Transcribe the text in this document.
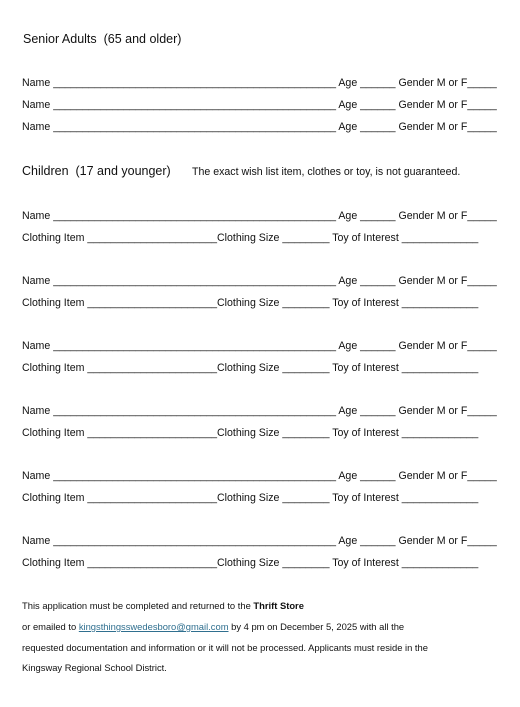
Senior Adults  (65 and older)
Name ________________________________________________ Age ______ Gender M or F_____
Name ________________________________________________ Age ______ Gender M or F_____
Name ________________________________________________ Age ______ Gender M or F_____
Children  (17 and younger) The exact wish list item, clothes or toy, is not guaranteed.
Name ________________________________________________ Age ______ Gender M or F_____
Clothing Item ______________________Clothing Size ________ Toy of Interest _____________
Name ________________________________________________ Age ______ Gender M or F_____
Clothing Item ______________________Clothing Size ________ Toy of Interest _____________
Name ________________________________________________ Age ______ Gender M or F_____
Clothing Item ______________________Clothing Size ________ Toy of Interest _____________
Name ________________________________________________ Age ______ Gender M or F_____
Clothing Item ______________________Clothing Size ________ Toy of Interest _____________
Name ________________________________________________ Age ______ Gender M or F_____
Clothing Item ______________________Clothing Size ________ Toy of Interest _____________
Name ________________________________________________ Age ______ Gender M or F_____
Clothing Item ______________________Clothing Size ________ Toy of Interest _____________
This application must be completed and returned to the Thrift Store
or emailed to kingsthingsswedesboro@gmail.com by 4 pm on December 5, 2025 with all the
requested documentation and information or it will not be processed. Applicants must reside in the
Kingsway Regional School District.
